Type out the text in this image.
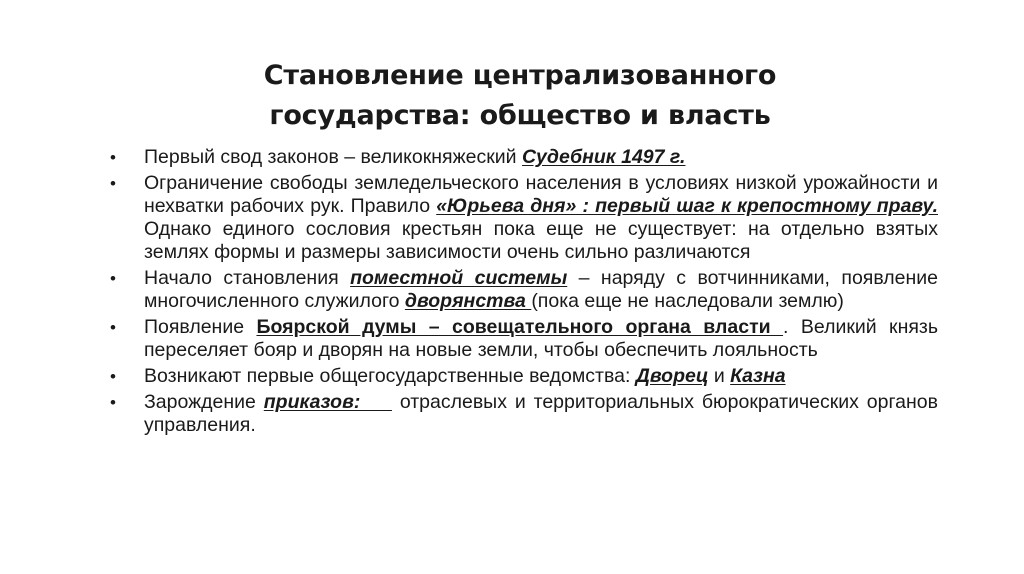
Становление централизованного
государства: общество и власть
• Первый свод законов – великокняжеский Судебник 1497 г.
• Ограничение свободы земледельческого населения в условиях низкой урожайности и нехватки рабочих рук. Правило «Юрьева дня» : первый шаг к крепостному праву. Однако единого сословия крестьян пока еще не существует: на отдельно взятых землях формы и размеры зависимости очень сильно различаются
• Начало становления поместной системы – наряду с вотчинниками, появление многочисленного служилого дворянства (пока еще не наследовали землю)
• Появление Боярской думы – совещательного органа власти . Великий князь переселяет бояр и дворян на новые земли, чтобы обеспечить лояльность
• Возникают первые общегосударственные ведомства: Дворец и Казна
• Зарождение приказов:     отраслевых и территориальных бюрократических органов управления.
